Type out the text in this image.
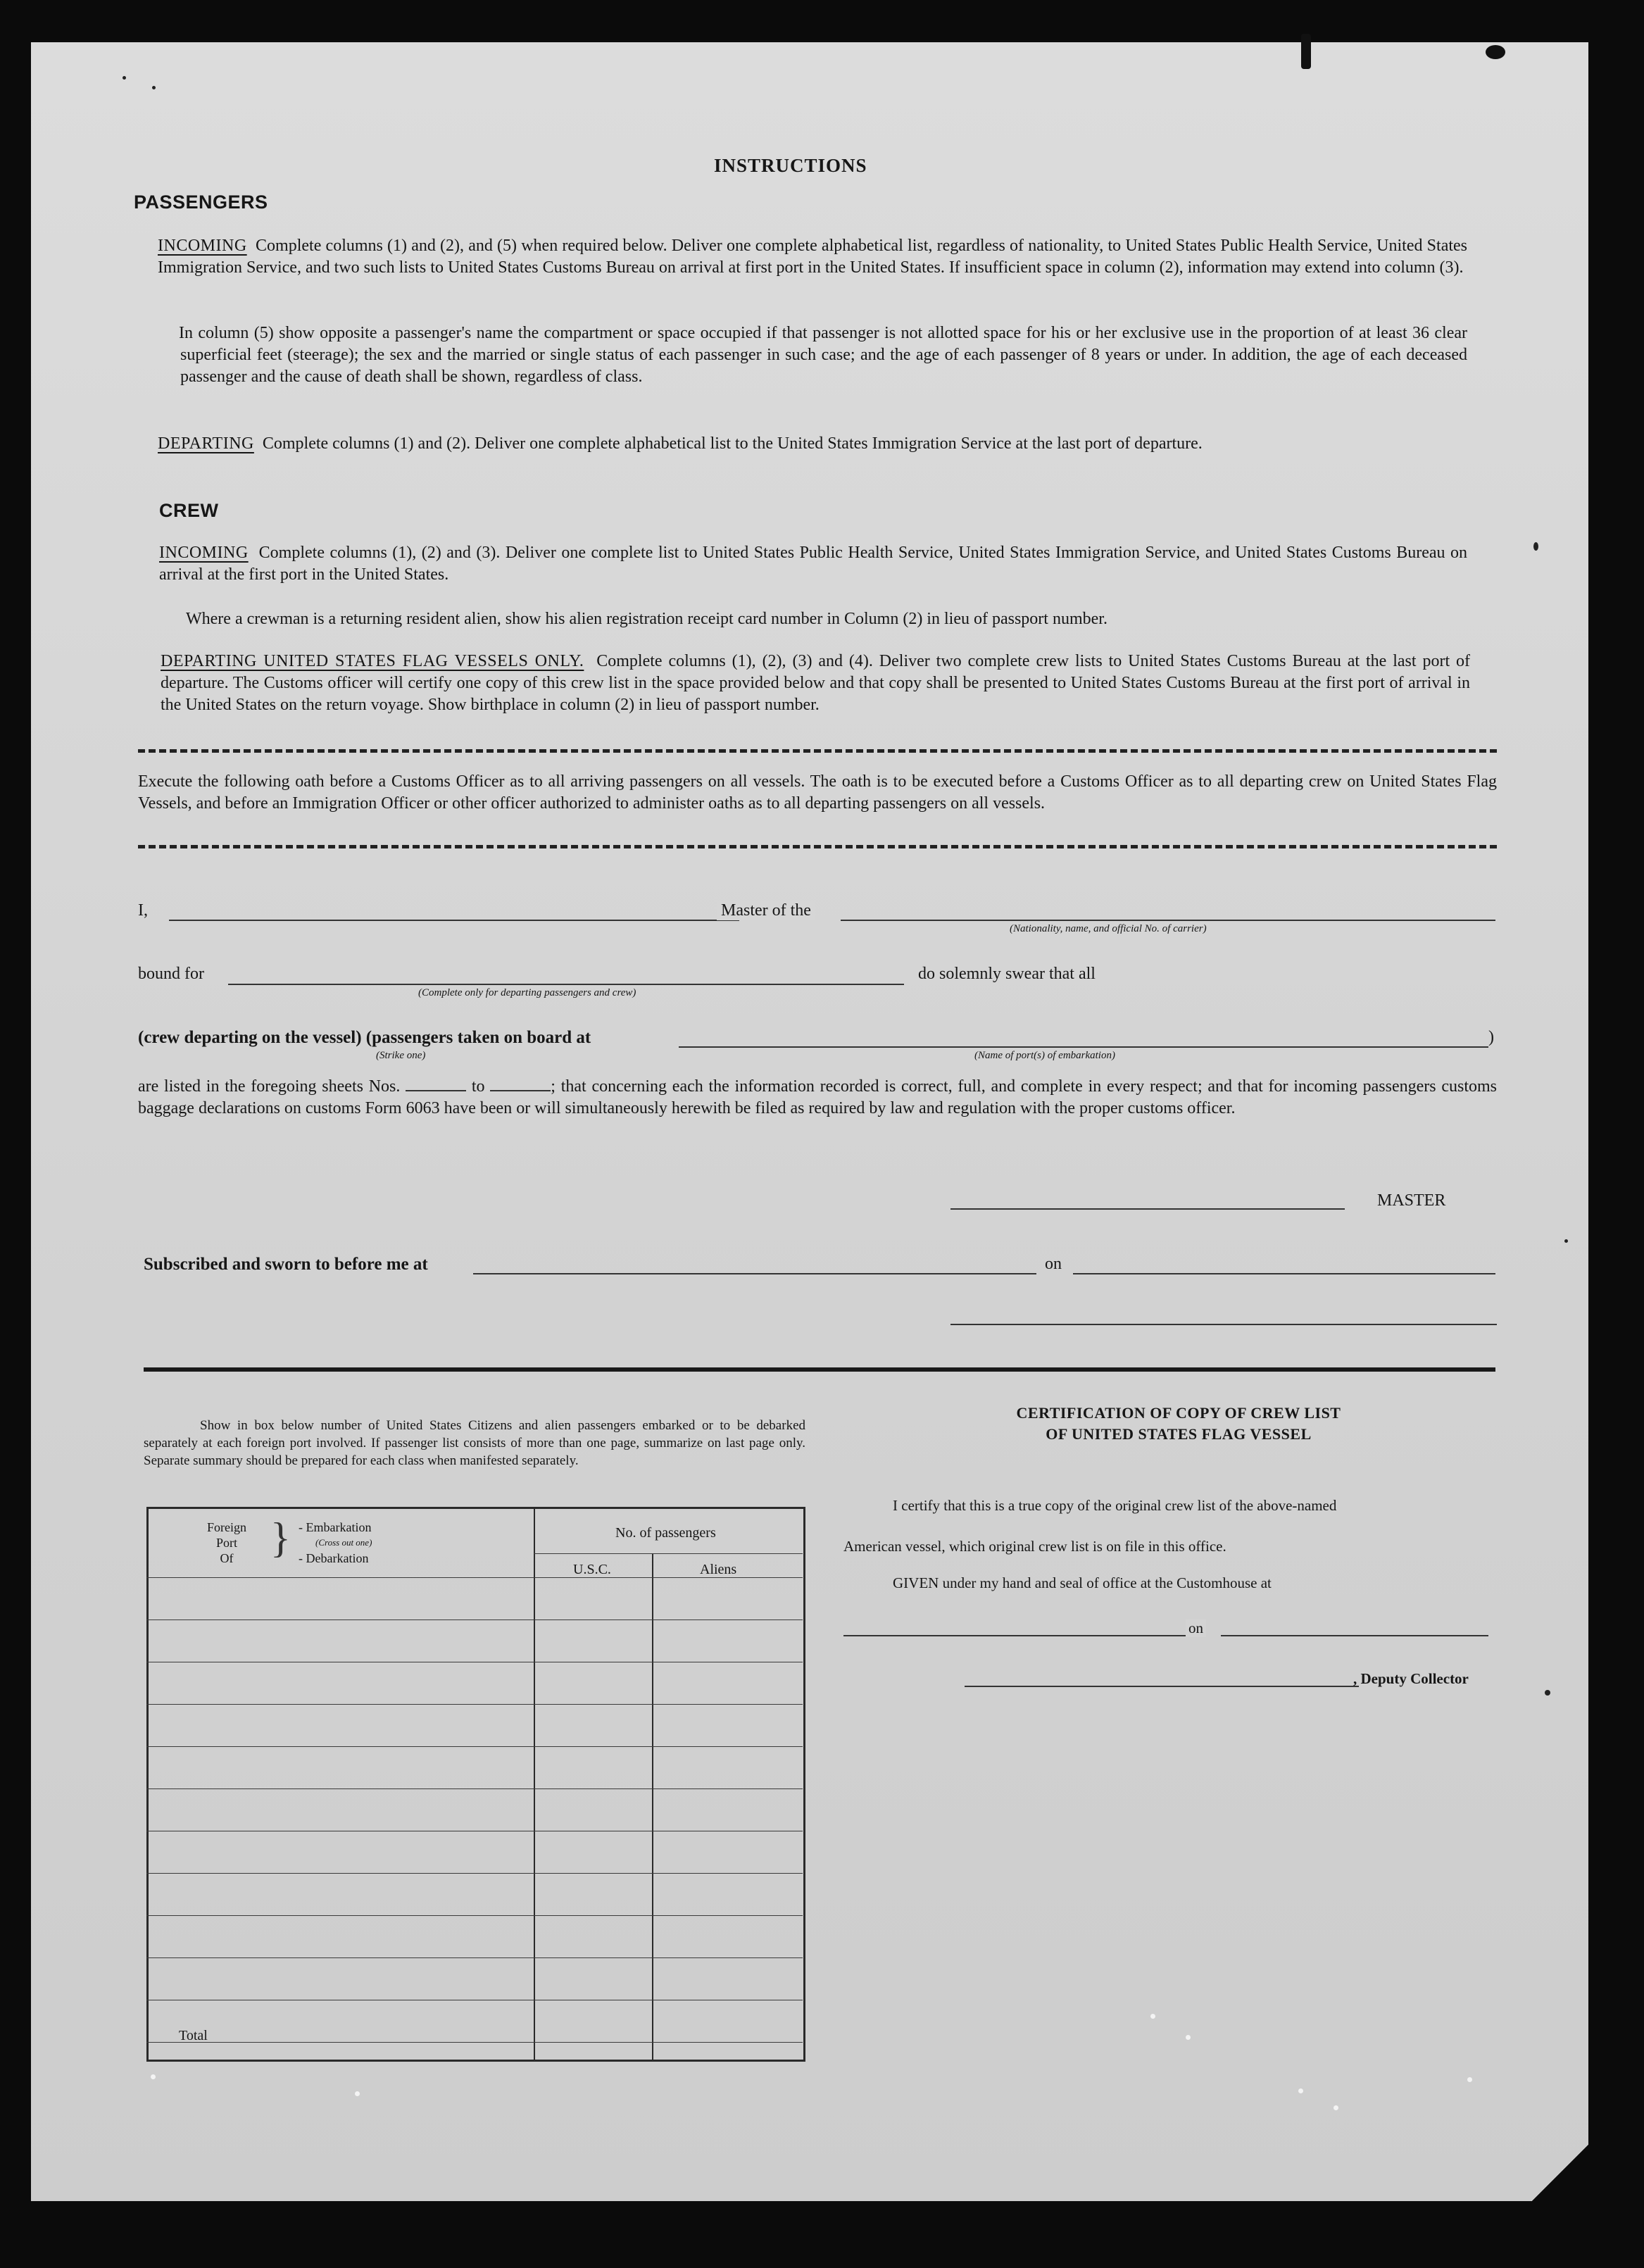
INSTRUCTIONS
PASSENGERS
INCOMING Complete columns (1) and (2), and (5) when required below. Deliver one complete alphabetical list, regardless of nationality, to United States Public Health Service, United States Immigration Service, and two such lists to United States Customs Bureau on arrival at first port in the United States. If insufficient space in column (2), information may extend into column (3).
In column (5) show opposite a passenger's name the compartment or space occupied if that passenger is not allotted space for his or her exclusive use in the proportion of at least 36 clear superficial feet (steerage); the sex and the married or single status of each passenger in such case; and the age of each passenger of 8 years or under. In addition, the age of each deceased passenger and the cause of death shall be shown, regardless of class.
DEPARTING Complete columns (1) and (2). Deliver one complete alphabetical list to the United States Immigration Service at the last port of departure.
CREW
INCOMING Complete columns (1), (2) and (3). Deliver one complete list to United States Public Health Service, United States Immigration Service, and United States Customs Bureau on arrival at the first port in the United States.
Where a crewman is a returning resident alien, show his alien registration receipt card number in Column (2) in lieu of passport number.
DEPARTING UNITED STATES FLAG VESSELS ONLY. Complete columns (1), (2), (3) and (4). Deliver two complete crew lists to United States Customs Bureau at the last port of departure. The Customs officer will certify one copy of this crew list in the space provided below and that copy shall be presented to United States Customs Bureau at the first port of arrival in the United States on the return voyage. Show birthplace in column (2) in lieu of passport number.
Execute the following oath before a Customs Officer as to all arriving passengers on all vessels. The oath is to be executed before a Customs Officer as to all departing crew on United States Flag Vessels, and before an Immigration Officer or other officer authorized to administer oaths as to all departing passengers on all vessels.
I,	Master of the
(Nationality, name, and official No. of carrier)
bound for
(Complete only for departing passengers and crew)
do solemnly swear that all
(crew departing on the vessel) (passengers taken on board at	)
(Strike one)	(Name of port(s) of embarkation)
are listed in the foregoing sheets Nos.	to	; that concerning each the information recorded is correct, full, and complete in every respect; and that for incoming passengers customs baggage declarations on customs Form 6063 have been or will simultaneously herewith be filed as required by law and regulation with the proper customs officer.
MASTER
Subscribed and sworn to before me at	on
Show in box below number of United States Citizens and alien passengers embarked or to be debarked separately at each foreign port involved. If passenger list consists of more than one page, summarize on last page only. Separate summary should be prepared for each class when manifested separately.
Foreign
Port
Of } - Embarkation
(Cross out one)
- Debarkation
No. of passengers
U.S.C.	Aliens
Total
CERTIFICATION OF COPY OF CREW LIST
OF UNITED STATES FLAG VESSEL
I certify that this is a true copy of the original crew list of the above-named
American vessel, which original crew list is on file in this office.
GIVEN under my hand and seal of office at the Customhouse at
on
, Deputy Collector
